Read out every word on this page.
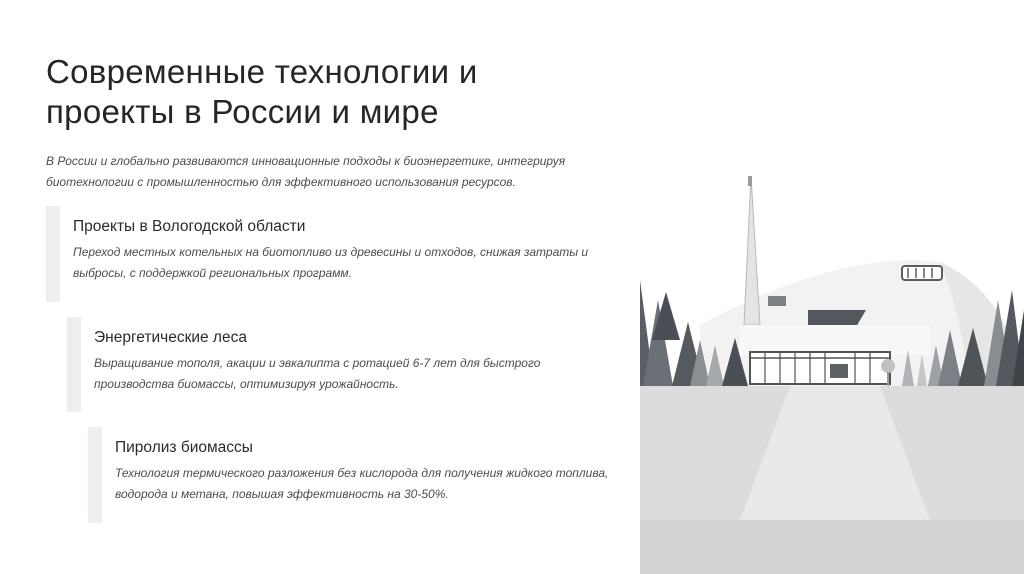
Современные технологии и
проекты в России и мире

В России и глобально развиваются инновационные подходы к биоэнергетике, интегрируя биотехнологии с промышленностью для эффективного использования ресурсов.

Проекты в Вологодской области

Переход местных котельных на биотопливо из древесины и отходов, снижая затраты и выбросы, с поддержкой региональных программ.

Энергетические леса

Выращивание тополя, акации и эвкалипта с ротацией 6-7 лет для быстрого производства биомассы, оптимизируя урожайность.

Пиролиз биомассы

Технология термического разложения без кислорода для получения жидкого топлива, водорода и метана, повышая эффективность на 30-50%.
